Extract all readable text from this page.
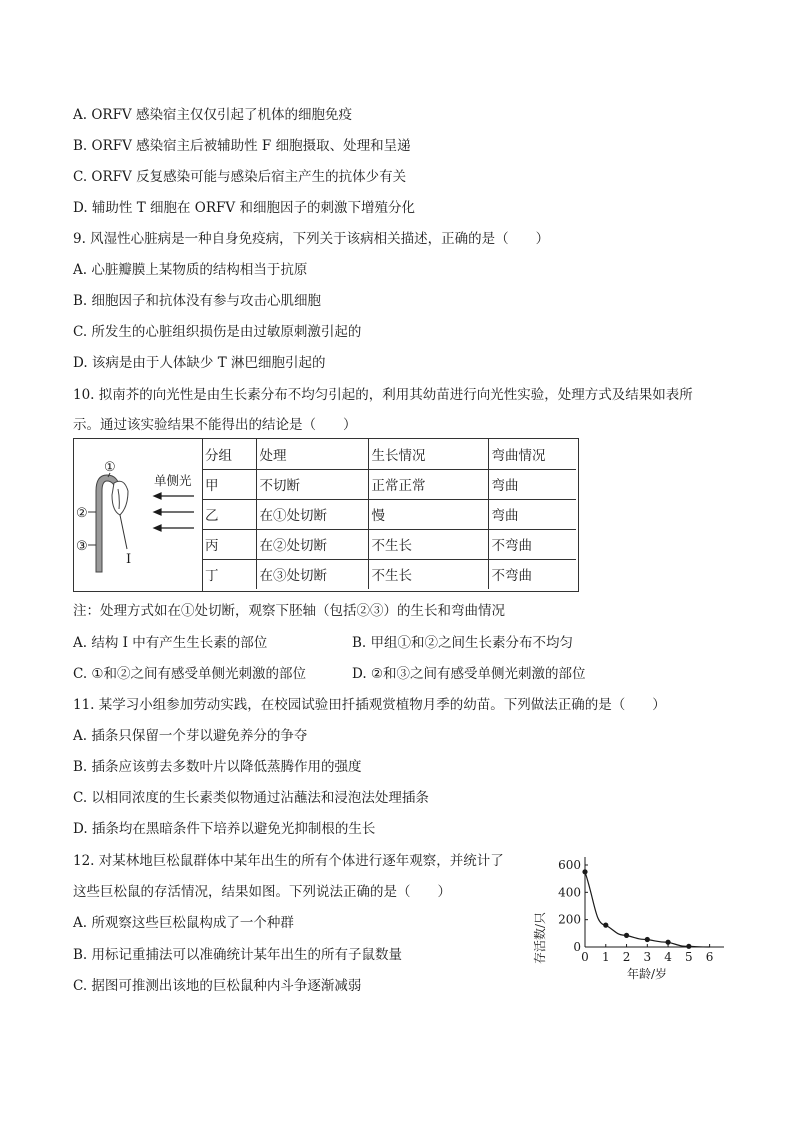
A. ORFV 感染宿主仅仅引起了机体的细胞免疫
B. ORFV 感染宿主后被辅助性 F 细胞摄取、处理和呈递
C. ORFV 反复感染可能与感染后宿主产生的抗体少有关
D. 辅助性 T 细胞在 ORFV 和细胞因子的刺激下增殖分化
9. 风湿性心脏病是一种自身免疫病，下列关于该病相关描述，正确的是（　　）
A. 心脏瓣膜上某物质的结构相当于抗原
B. 细胞因子和抗体没有参与攻击心肌细胞
C. 所发生的心脏组织损伤是由过敏原刺激引起的
D. 该病是由于人体缺少 T 淋巴细胞引起的
10. 拟南芥的向光性是由生长素分布不均匀引起的，利用其幼苗进行向光性实验，处理方式及结果如表所
示。通过该实验结果不能得出的结论是（　　）
①
②
③
I
单侧光
分组	处理	生长情况	弯曲情况
甲	不切断	正常正常	弯曲
乙	在①处切断	慢	弯曲
丙	在②处切断	不生长	不弯曲
丁	在③处切断	不生长	不弯曲
注：处理方式如在①处切断，观察下胚轴（包括②③）的生长和弯曲情况
A. 结构 I 中有产生生长素的部位	B. 甲组①和②之间生长素分布不均匀
C. ①和②之间有感受单侧光刺激的部位	D. ②和③之间有感受单侧光刺激的部位
11. 某学习小组参加劳动实践，在校园试验田扦插观赏植物月季的幼苗。下列做法正确的是（　　）
A. 插条只保留一个芽以避免养分的争夺
B. 插条应该剪去多数叶片以降低蒸腾作用的强度
C. 以相同浓度的生长素类似物通过沾蘸法和浸泡法处理插条
D. 插条均在黑暗条件下培养以避免光抑制根的生长
12. 对某林地巨松鼠群体中某年出生的所有个体进行逐年观察，并统计了
这些巨松鼠的存活情况，结果如图。下列说法正确的是（　　）
A. 所观察这些巨松鼠构成了一个种群
B. 用标记重捕法可以准确统计某年出生的所有子鼠数量
C. 据图可推测出该地的巨松鼠种内斗争逐渐减弱
0
200
400
600
0 1 2 3 4 5 6
存活数/只
年龄/岁
